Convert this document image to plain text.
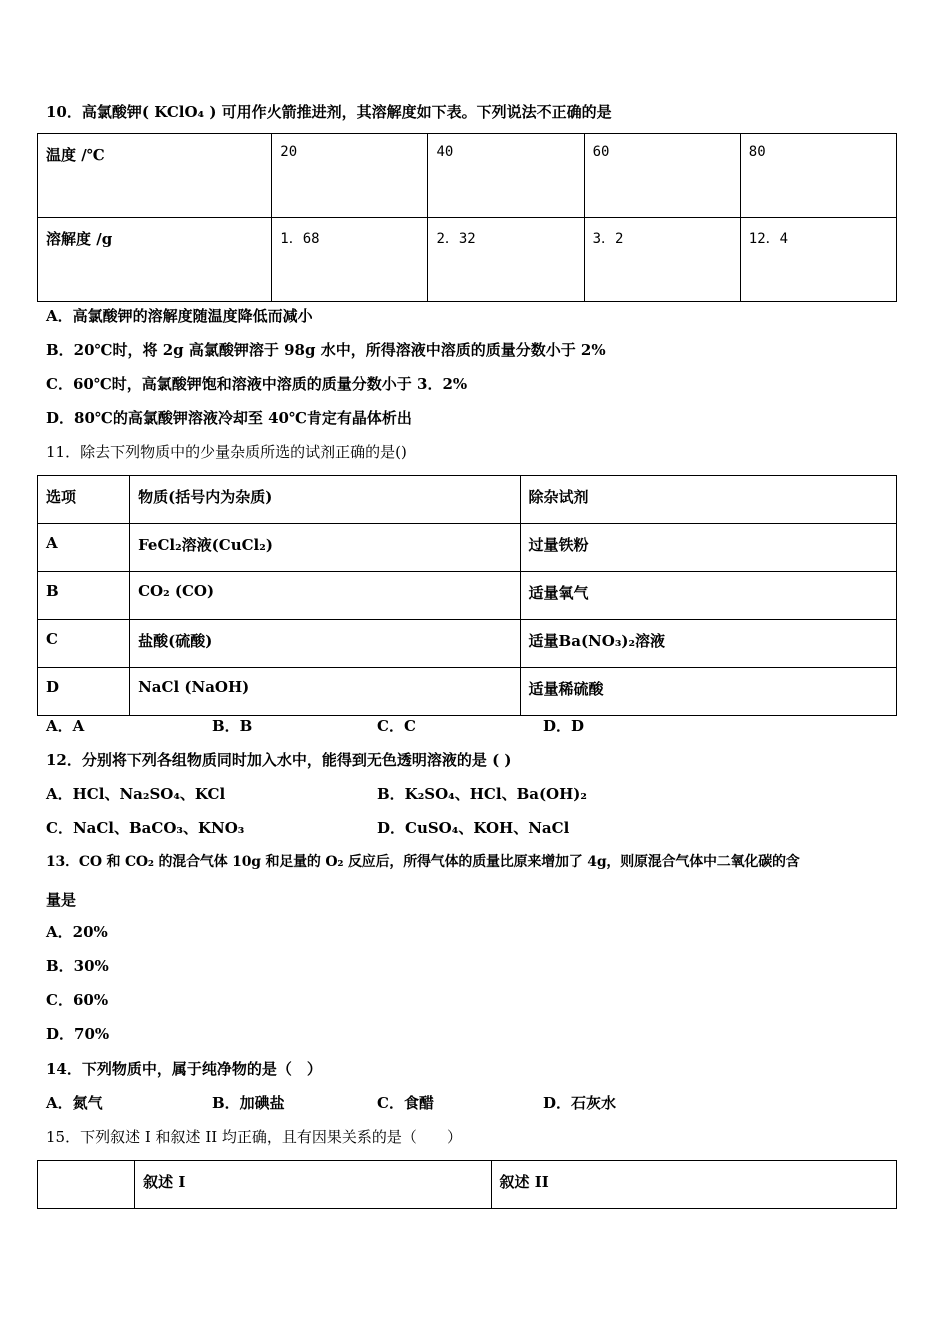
10．高氯酸钾( KClO₄ ) 可用作火箭推进剂，其溶解度如下表。下列说法不正确的是
温度 /℃	20	40	60	80
溶解度 /g	1．68	2．32	3．2	12．4
A．高氯酸钾的溶解度随温度降低而减小
B．20℃时，将 2g 高氯酸钾溶于 98g 水中，所得溶液中溶质的质量分数小于 2%
C．60℃时，高氯酸钾饱和溶液中溶质的质量分数小于 3．2%
D．80℃的高氯酸钾溶液冷却至 40℃肯定有晶体析出
11．除去下列物质中的少量杂质所选的试剂正确的是()
选项	物质(括号内为杂质)	除杂试剂
A	FeCl₂溶液(CuCl₂)	过量铁粉
B	CO₂ (CO)	适量氧气
C	盐酸(硫酸)	适量Ba(NO₃)₂溶液
D	NaCl (NaOH)	适量稀硫酸
A．A	B．B	C．C	D．D
12．分别将下列各组物质同时加入水中，能得到无色透明溶液的是 ( )
A．HCl、Na₂SO₄、KCl	B．K₂SO₄、HCl、Ba(OH)₂
C．NaCl、BaCO₃、KNO₃	D．CuSO₄、KOH、NaCl
13．CO 和 CO₂ 的混合气体 10g 和足量的 O₂ 反应后，所得气体的质量比原来增加了 4g，则原混合气体中二氧化碳的含
量是
A．20%
B．30%
C．60%
D．70%
14．下列物质中，属于纯净物的是（　）
A．氮气	B．加碘盐	C．食醋	D．石灰水
15．下列叙述 I 和叙述 II 均正确，且有因果关系的是（　　）
	叙述 I	叙述 II
